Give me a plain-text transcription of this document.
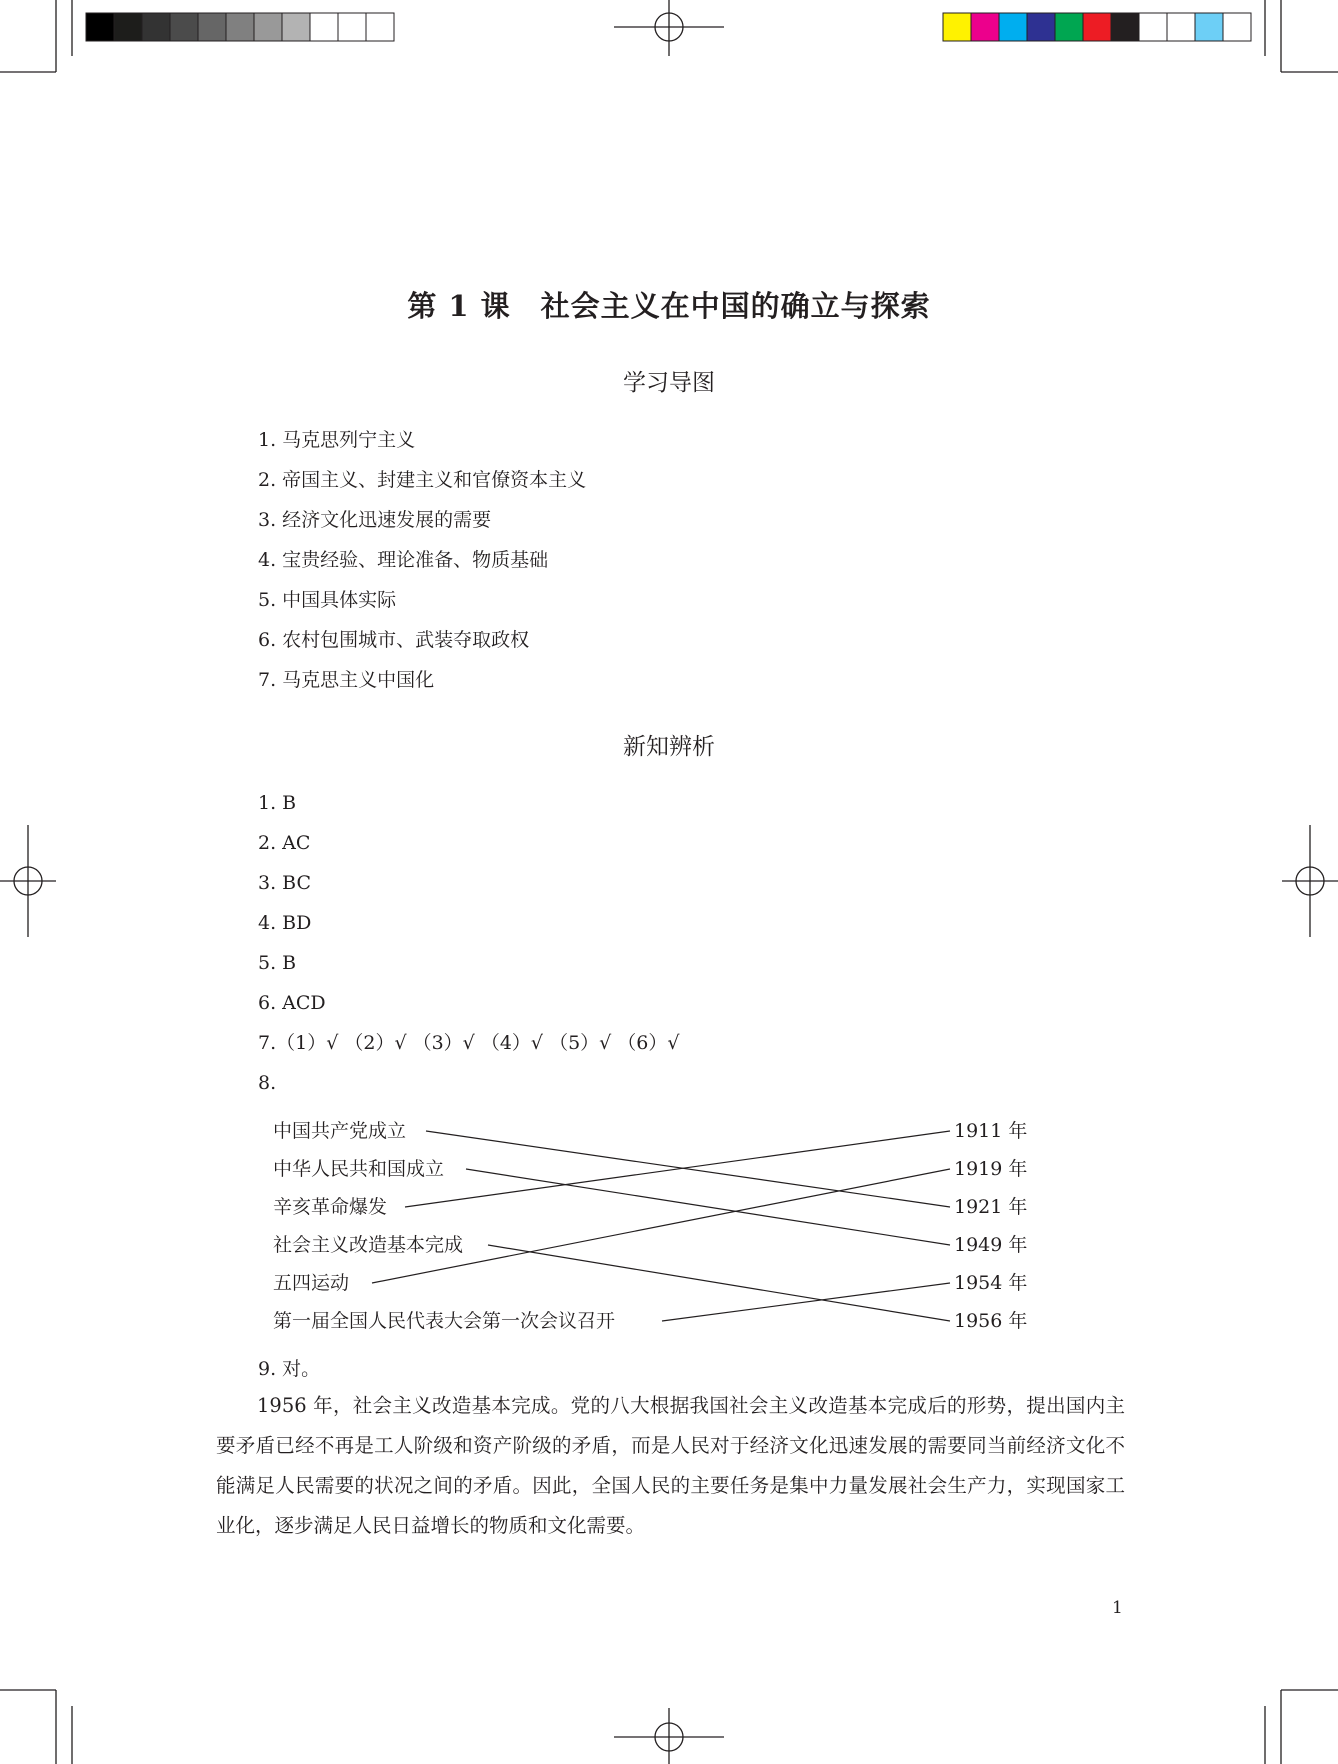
第 1 课　社会主义在中国的确立与探索
学习导图
1. 马克思列宁主义
2. 帝国主义、封建主义和官僚资本主义
3. 经济文化迅速发展的需要
4. 宝贵经验、理论准备、物质基础
5. 中国具体实际
6. 农村包围城市、武装夺取政权
7. 马克思主义中国化
新知辨析
1. B
2. AC
3. BC
4. BD
5. B
6. ACD
7.（1）√ （2）√ （3）√ （4）√ （5）√ （6）√
8.
中国共产党成立
中华人民共和国成立
辛亥革命爆发
社会主义改造基本完成
五四运动
第一届全国人民代表大会第一次会议召开
1911 年
1919 年
1921 年
1949 年
1954 年
1956 年
9. 对。
1956 年，社会主义改造基本完成。党的八大根据我国社会主义改造基本完成后的形势，提出国内主要矛盾已经不再是工人阶级和资产阶级的矛盾，而是人民对于经济文化迅速发展的需要同当前经济文化不能满足人民需要的状况之间的矛盾。因此，全国人民的主要任务是集中力量发展社会生产力，实现国家工业化，逐步满足人民日益增长的物质和文化需要。
1
